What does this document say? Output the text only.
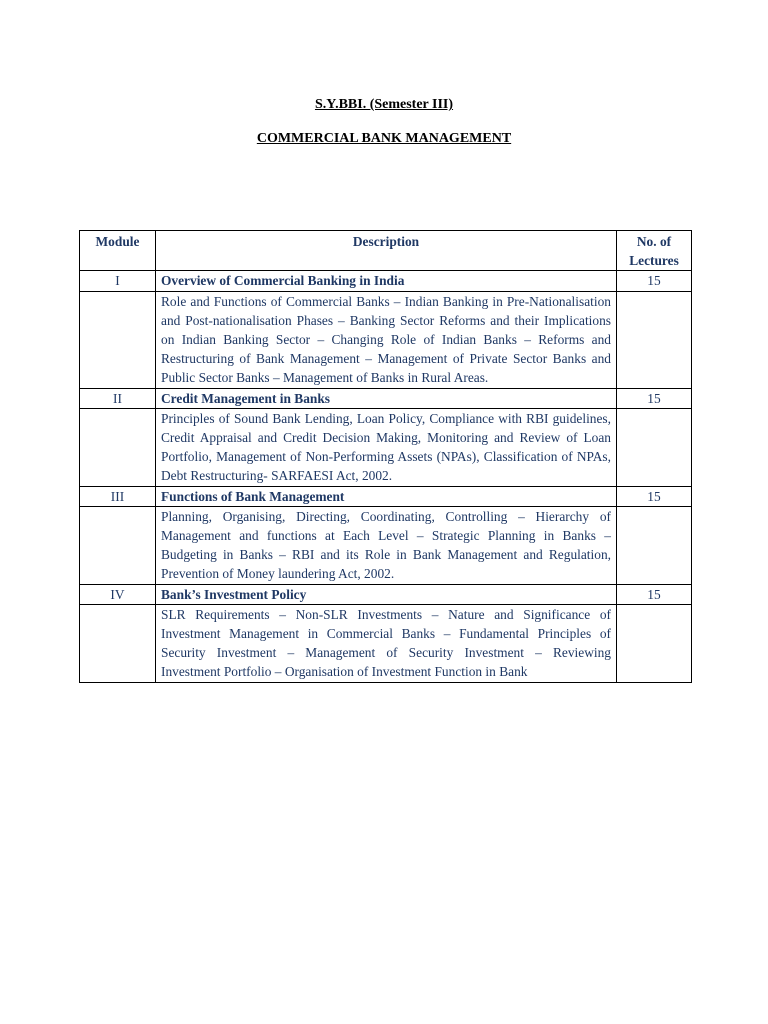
S.Y.BBI. (Semester III)
COMMERCIAL BANK MANAGEMENT
Module	Description	No. of
Lectures
I	Overview of Commercial Banking in India	15
	Role and Functions of Commercial Banks – Indian Banking in Pre-Nationalisation and Post-nationalisation Phases – Banking Sector Reforms and their Implications on Indian Banking Sector – Changing Role of Indian Banks – Reforms and Restructuring of Bank Management – Management of Private Sector Banks and Public Sector Banks – Management of Banks in Rural Areas.	
II	Credit Management in Banks	15
	Principles of Sound Bank Lending, Loan Policy, Compliance with RBI guidelines, Credit Appraisal and Credit Decision Making, Monitoring and Review of Loan Portfolio, Management of Non-Performing Assets (NPAs), Classification of NPAs, Debt Restructuring- SARFAESI Act, 2002.	
III	Functions of Bank Management	15
	Planning, Organising, Directing, Coordinating, Controlling – Hierarchy of Management and functions at Each Level – Strategic Planning in Banks – Budgeting in Banks – RBI and its Role in Bank Management and Regulation, Prevention of Money laundering Act, 2002.	
IV	Bank’s Investment Policy	15
	SLR Requirements – Non-SLR Investments – Nature and Significance of Investment Management in Commercial Banks – Fundamental Principles of Security Investment – Management of Security Investment – Reviewing Investment Portfolio – Organisation of Investment Function in Bank	
